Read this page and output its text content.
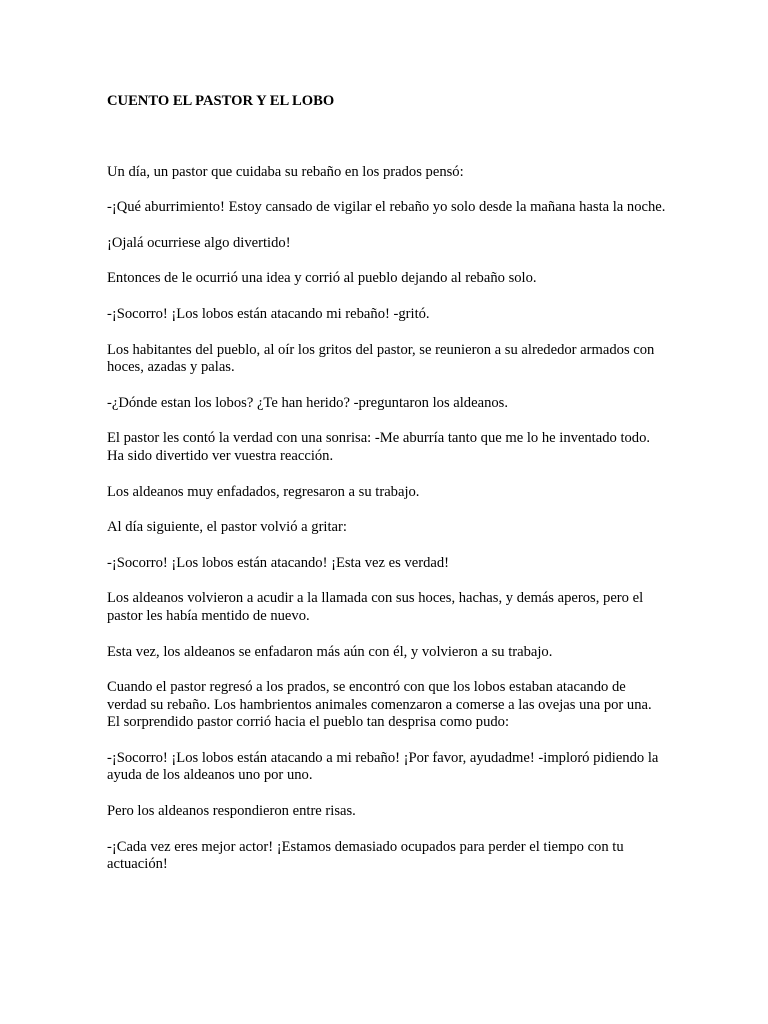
CUENTO EL PASTOR Y EL LOBO

Un día, un pastor que cuidaba su rebaño en los prados pensó:

-¡Qué aburrimiento! Estoy cansado de vigilar el rebaño yo solo desde la mañana hasta la noche.

¡Ojalá ocurriese algo divertido!

Entonces de le ocurrió una idea y corrió al pueblo dejando al rebaño solo.

-¡Socorro! ¡Los lobos están atacando mi rebaño! -gritó.

Los habitantes del pueblo, al oír los gritos del pastor, se reunieron a su alrededor armados con hoces, azadas y palas.

-¿Dónde estan los lobos? ¿Te han herido? -preguntaron los aldeanos.

El pastor les contó la verdad con una sonrisa: -Me aburría tanto que me lo he inventado todo. Ha sido divertido ver vuestra reacción.

Los aldeanos muy enfadados, regresaron a su trabajo.

Al día siguiente, el pastor volvió a gritar:

-¡Socorro! ¡Los lobos están atacando! ¡Esta vez es verdad!

Los aldeanos volvieron a acudir a la llamada con sus hoces, hachas, y demás aperos, pero el pastor les había mentido de nuevo.

Esta vez, los aldeanos se enfadaron más aún con él, y volvieron a su trabajo.

Cuando el pastor regresó a los prados, se encontró con que los lobos estaban atacando de verdad su rebaño. Los hambrientos animales comenzaron a comerse a las ovejas una por una. El sorprendido pastor corrió hacia el pueblo tan desprisa como pudo:

-¡Socorro! ¡Los lobos están atacando a mi rebaño! ¡Por favor, ayudadme! -imploró pidiendo la ayuda de los aldeanos uno por uno.

Pero los aldeanos respondieron entre risas.

-¡Cada vez eres mejor actor! ¡Estamos demasiado ocupados para perder el tiempo con tu actuación!
